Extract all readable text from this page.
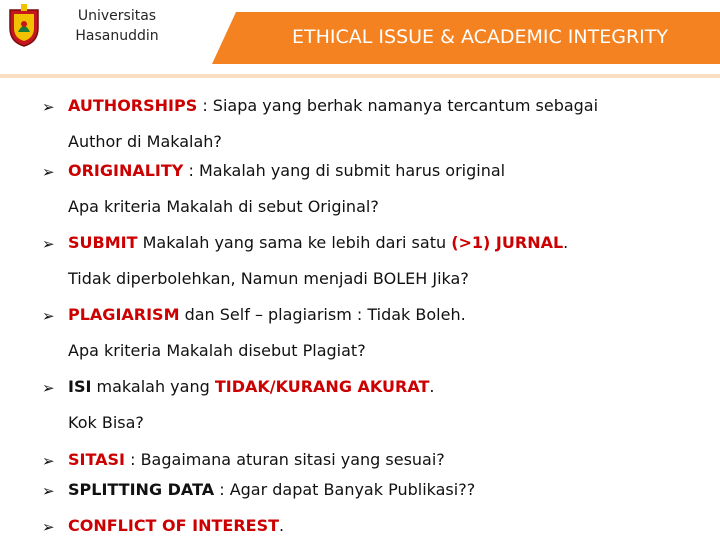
Universitas
Hasanuddin	ETHICAL ISSUE & ACADEMIC INTEGRITY
➢ AUTHORSHIPS : Siapa yang berhak namanya tercantum sebagai
Author di Makalah?
➢ ORIGINALITY : Makalah yang di submit harus original
Apa kriteria Makalah di sebut Original?
➢ SUBMIT Makalah yang sama ke lebih dari satu (>1) JURNAL.
Tidak diperbolehkan, Namun menjadi BOLEH Jika?
➢ PLAGIARISM dan Self – plagiarism : Tidak Boleh.
Apa kriteria Makalah disebut Plagiat?
➢ ISI makalah yang TIDAK/KURANG AKURAT.
Kok Bisa?
➢ SITASI : Bagaimana aturan sitasi yang sesuai?
➢ SPLITTING DATA : Agar dapat Banyak Publikasi??
➢ CONFLICT OF INTEREST.
